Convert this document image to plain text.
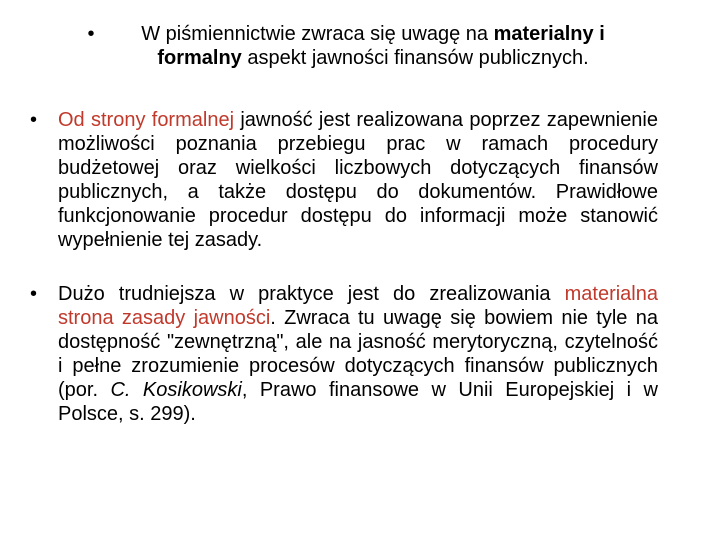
•	W piśmiennictwie zwraca się uwagę na materialny i formalny aspekt jawności finansów publicznych.
•	Od strony formalnej jawność jest realizowana poprzez zapewnienie możliwości poznania przebiegu prac w ramach procedury budżetowej oraz wielkości liczbowych dotyczących finansów publicznych, a także dostępu do dokumentów. Prawidłowe funkcjonowanie procedur dostępu do informacji może stanowić wypełnienie tej zasady.
•	Dużo trudniejsza w praktyce jest do zrealizowania materialna strona zasady jawności. Zwraca tu uwagę się bowiem nie tyle na dostępność "zewnętrzną", ale na jasność merytoryczną, czytelność i pełne zrozumienie procesów dotyczących finansów publicznych (por. C. Kosikowski, Prawo finansowe w Unii Europejskiej i w Polsce, s. 299).
